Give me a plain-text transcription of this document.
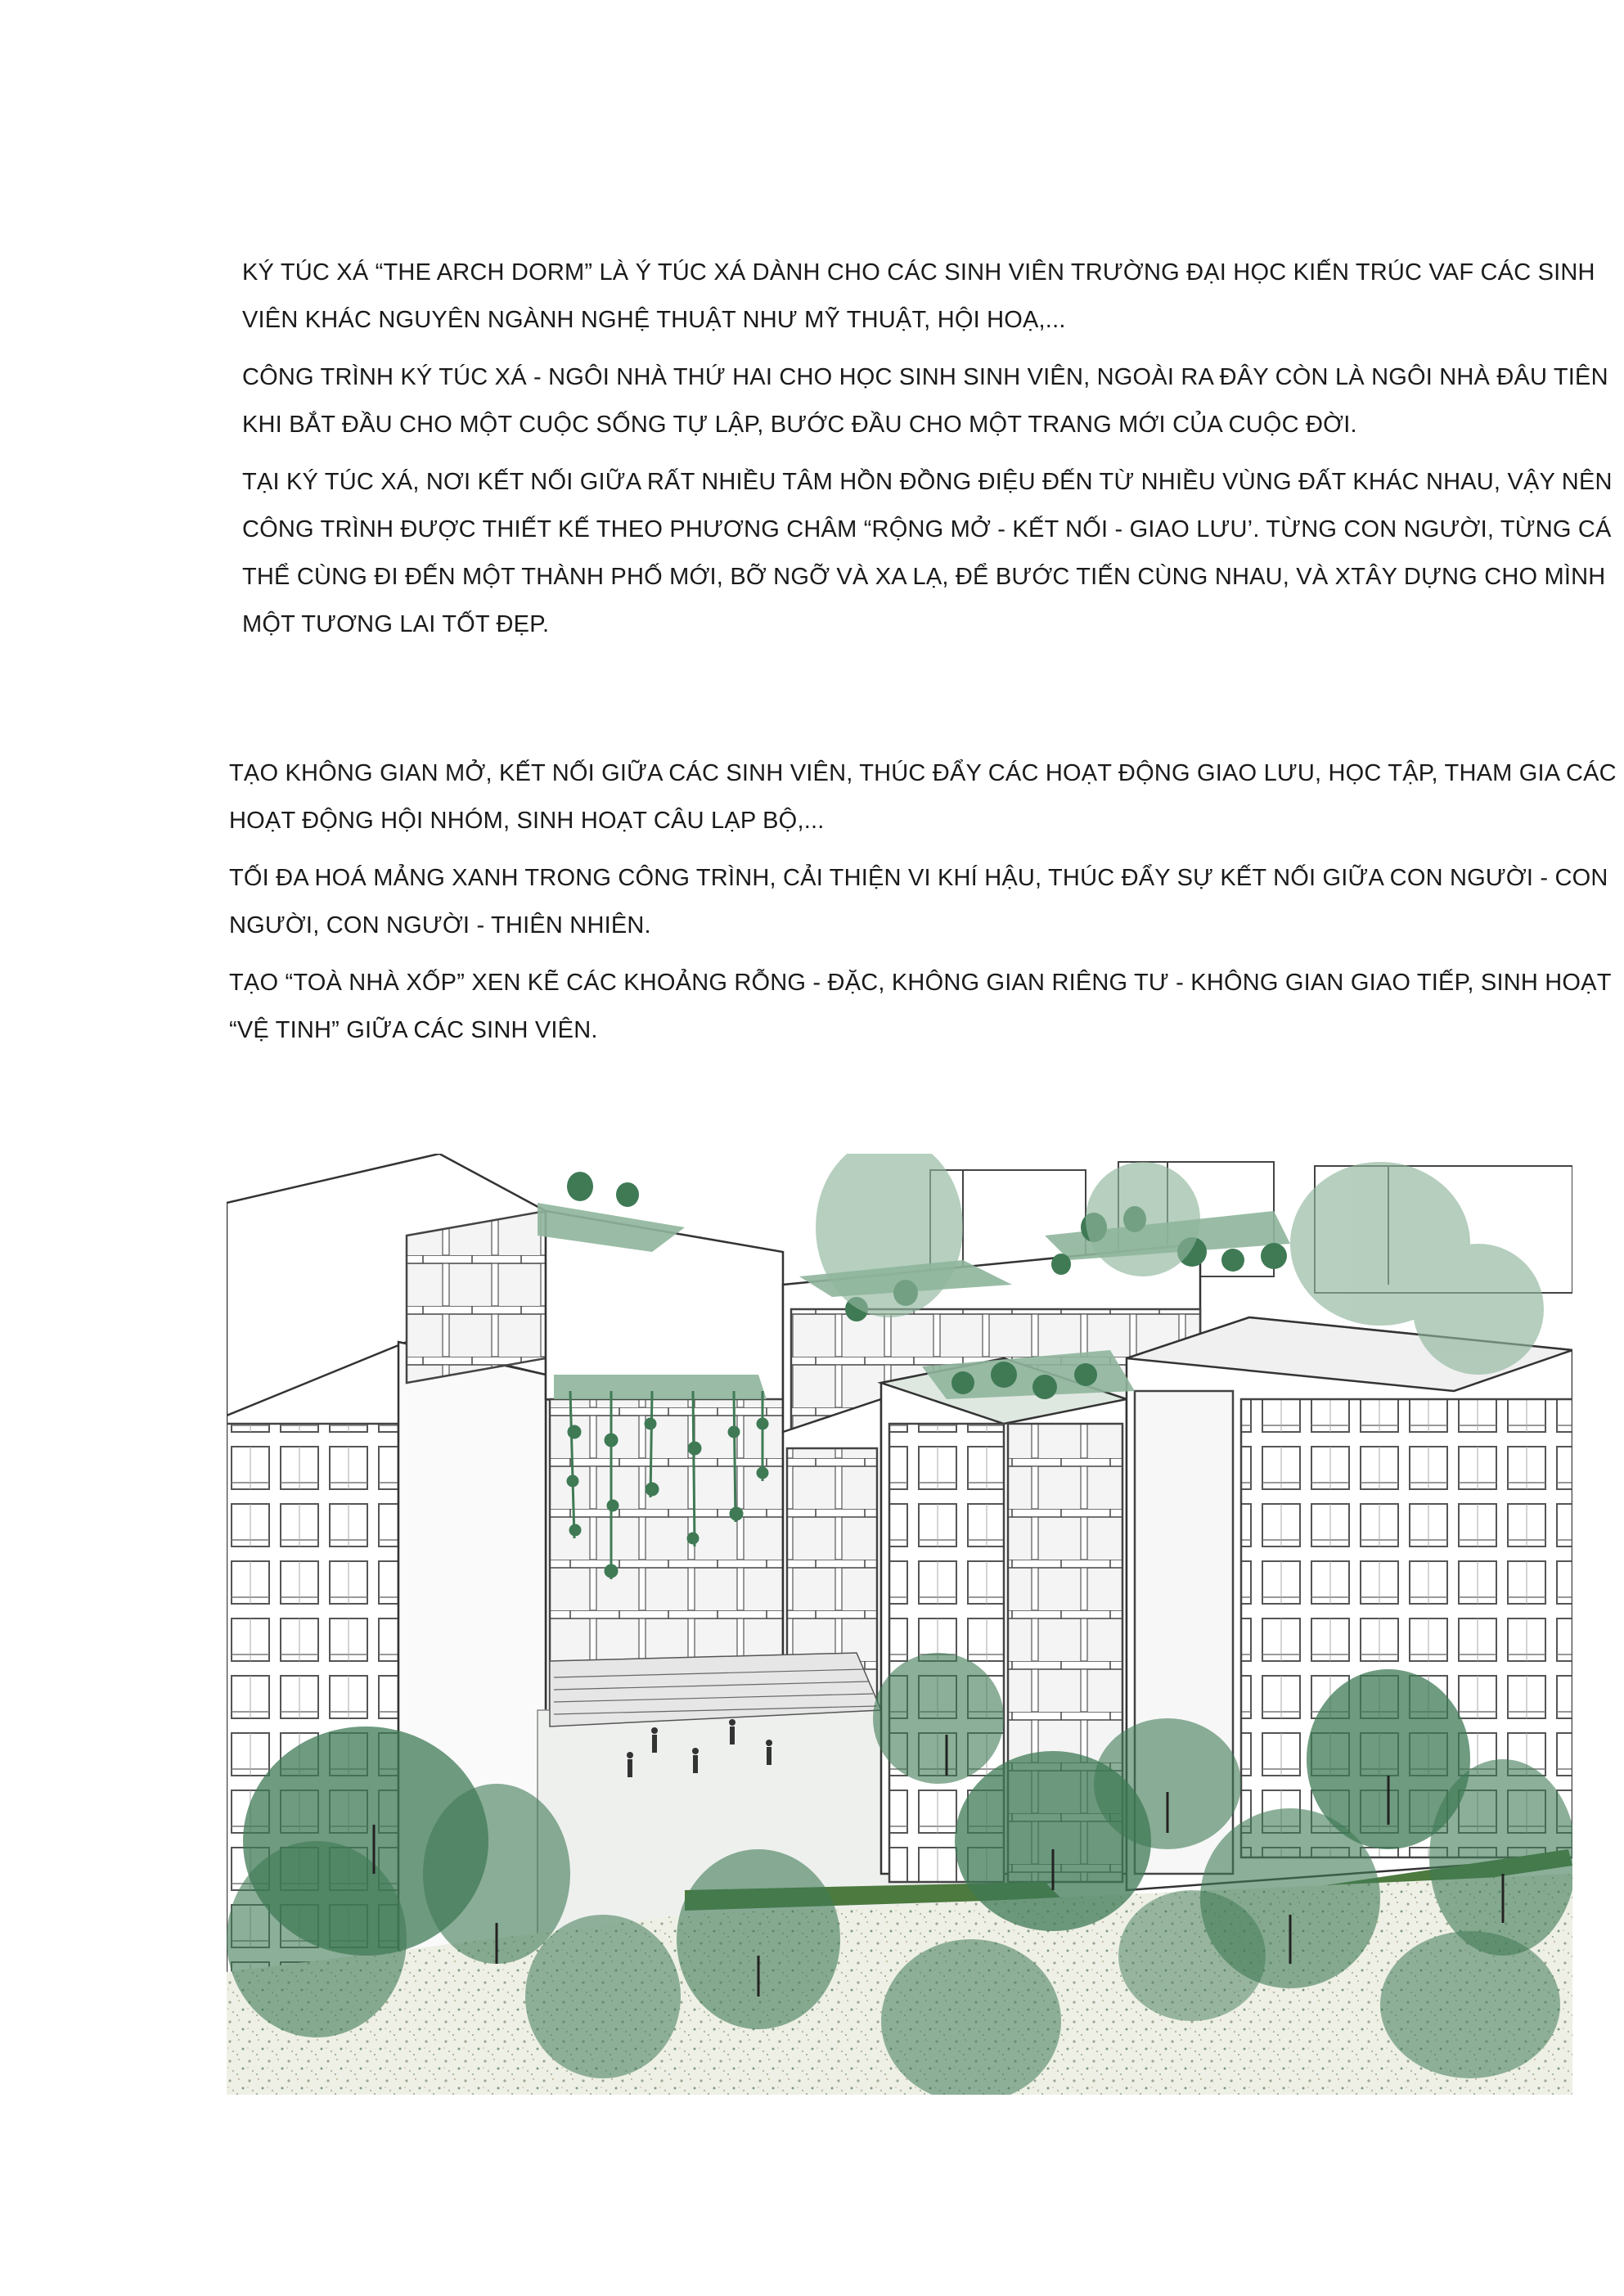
KÝ TÚC XÁ “THE ARCH DORM” LÀ Ý TÚC XÁ DÀNH CHO CÁC SINH VIÊN TRƯỜNG ĐẠI HỌC KIẾN TRÚC VAF CÁC SINH
VIÊN KHÁC NGUYÊN NGÀNH NGHỆ THUẬT NHƯ MỸ THUẬT, HỘI HOẠ,...
CÔNG TRÌNH KÝ TÚC XÁ - NGÔI NHÀ THỨ HAI CHO HỌC SINH SINH VIÊN, NGOÀI RA ĐÂY CÒN LÀ NGÔI NHÀ ĐÂU TIÊN
KHI BẮT ĐẦU CHO MỘT CUỘC SỐNG TỰ LẬP, BƯỚC ĐẦU CHO MỘT TRANG MỚI CỦA CUỘC ĐỜI.
TẠI KÝ TÚC XÁ, NƠI KẾT NỐI GIỮA RẤT NHIỀU TÂM HỒN ĐỒNG ĐIỆU ĐẾN TỪ NHIỀU VÙNG ĐẤT KHÁC NHAU, VẬY NÊN
CÔNG TRÌNH ĐƯỢC THIẾT KẾ THEO PHƯƠNG CHÂM “RỘNG MỞ - KẾT NỐI - GIAO LƯU’. TỪNG CON NGƯỜI, TỪNG CÁ
THỂ CÙNG ĐI ĐẾN MỘT THÀNH PHỐ MỚI, BỠ NGỠ VÀ XA LẠ, ĐỂ BƯỚC TIẾN CÙNG NHAU, VÀ XTÂY DỰNG CHO MÌNH
MỘT TƯƠNG LAI TỐT ĐẸP.
TẠO KHÔNG GIAN MỞ, KẾT NỐI GIỮA CÁC SINH VIÊN, THÚC ĐẨY CÁC HOẠT ĐỘNG GIAO LƯU, HỌC TẬP, THAM GIA CÁC
HOẠT ĐỘNG HỘI NHÓM, SINH HOẠT CÂU LẠP BỘ,...
TỐI ĐA HOÁ MẢNG XANH TRONG CÔNG TRÌNH, CẢI THIỆN VI KHÍ HẬU, THÚC ĐẨY SỰ KẾT NỐI GIỮA CON NGƯỜI - CON
NGƯỜI, CON NGƯỜI - THIÊN NHIÊN.
TẠO “TOÀ NHÀ XỐP” XEN KẼ CÁC KHOẢNG RỖNG - ĐẶC, KHÔNG GIAN RIÊNG TƯ - KHÔNG GIAN GIAO TIẾP, SINH HOẠT
“VỆ TINH” GIỮA CÁC SINH VIÊN.
